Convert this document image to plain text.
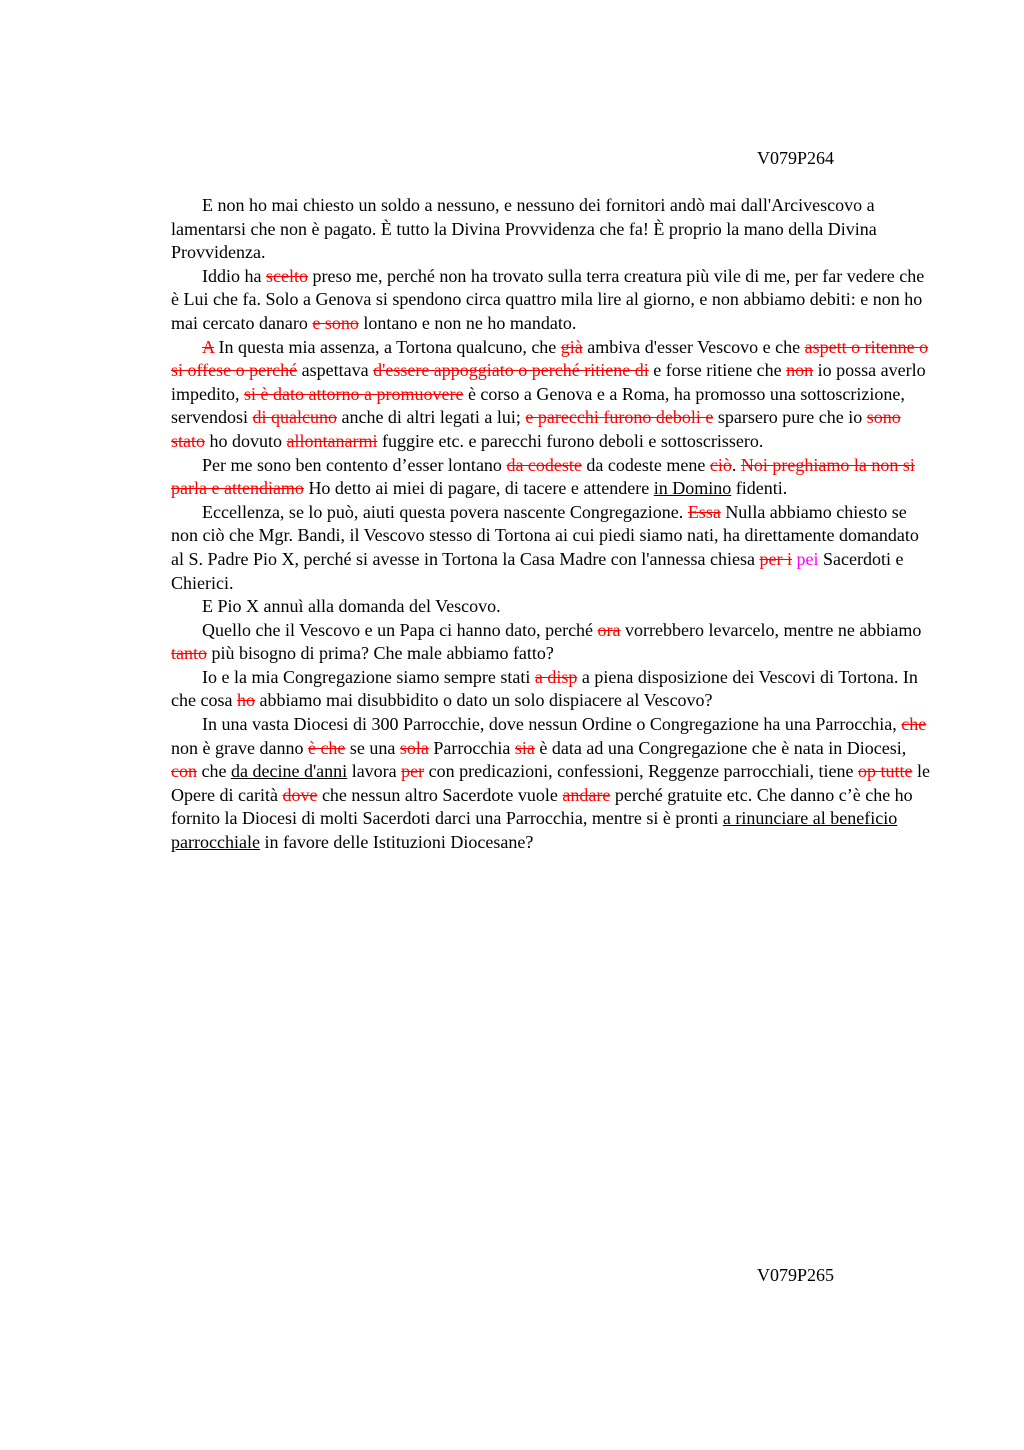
V079P264

E non ho mai chiesto un soldo a nessuno, e nessuno dei fornitori andò mai dall'Arcivescovo a lamentarsi che non è pagato. È tutto la Divina Provvidenza che fa! È proprio la mano della Divina Provvidenza.

Iddio ha scelto preso me, perché non ha trovato sulla terra creatura più vile di me, per far vedere che è Lui che fa. Solo a Genova si spendono circa quattro mila lire al giorno, e non abbiamo debiti: e non ho mai cercato danaro e sono lontano e non ne ho mandato.

A In questa mia assenza, a Tortona qualcuno, che già ambiva d'esser Vescovo e che aspett o ritenne o si offese o perché aspettava d'essere appoggiato o perché ritiene di e forse ritiene che non io possa averlo impedito, si è dato attorno a promuovere è corso a Genova e a Roma, ha promosso una sottoscrizione, servendosi di qualcuno anche di altri legati a lui; e parecchi furono deboli e sparsero pure che io sono stato ho dovuto allontanarmi fuggire etc. e parecchi furono deboli e sottoscrissero.

Per me sono ben contento d’esser lontano da codeste da codeste mene ciò. Noi preghiamo la non si parla e attendiamo Ho detto ai miei di pagare, di tacere e attendere in Domino fidenti.

Eccellenza, se lo può, aiuti questa povera nascente Congregazione. Essa Nulla abbiamo chiesto se non ciò che Mgr. Bandi, il Vescovo stesso di Tortona ai cui piedi siamo nati, ha direttamente domandato al S. Padre Pio X, perché si avesse in Tortona la Casa Madre con l'annessa chiesa per i pei Sacerdoti e Chierici.

E Pio X annuì alla domanda del Vescovo.

Quello che il Vescovo e un Papa ci hanno dato, perché ora vorrebbero levarcelo, mentre ne abbiamo tanto più bisogno di prima? Che male abbiamo fatto?

Io e la mia Congregazione siamo sempre stati a disp a piena disposizione dei Vescovi di Tortona. In che cosa ho abbiamo mai disubbidito o dato un solo dispiacere al Vescovo?

In una vasta Diocesi di 300 Parrocchie, dove nessun Ordine o Congregazione ha una Parrocchia, che non è grave danno è che se una sola Parrocchia sia è data ad una Congregazione che è nata in Diocesi, con che da decine d'anni lavora per con predicazioni, confessioni, Reggenze parrocchiali, tiene op tutte le Opere di carità dove che nessun altro Sacerdote vuole andare perché gratuite etc. Che danno c’è che ho fornito la Diocesi di molti Sacerdoti darci una Parrocchia, mentre si è pronti a rinunciare al beneficio parrocchiale in favore delle Istituzioni Diocesane?

V079P265
